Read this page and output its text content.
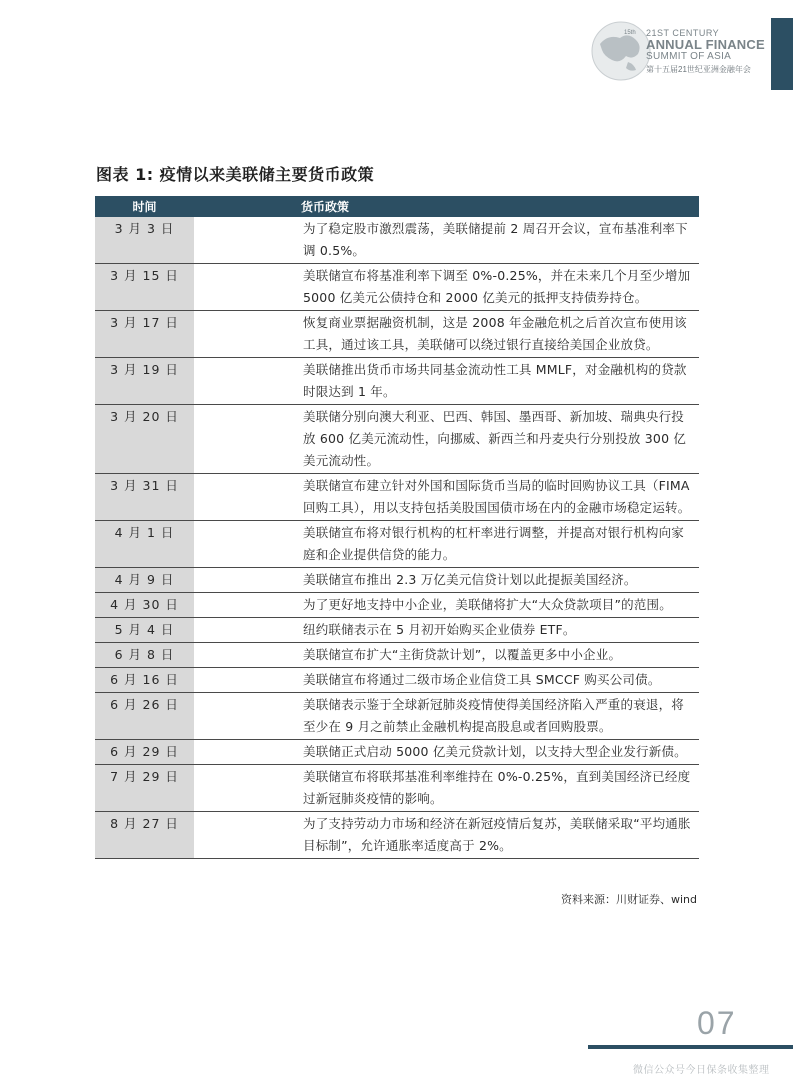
15th 21ST CENTURY
ANNUAL FINANCE
SUMMIT OF ASIA
第十五届21世纪亚洲金融年会
图表 1: 疫情以来美联储主要货币政策
时间	货币政策
3 月 3 日	为了稳定股市激烈震荡，美联储提前 2 周召开会议，宣布基准利率下调 0.5%。
3 月 15 日	美联储宣布将基准利率下调至 0%-0.25%，并在未来几个月至少增加 5000 亿美元公债持仓和 2000 亿美元的抵押支持债券持仓。
3 月 17 日	恢复商业票据融资机制，这是 2008 年金融危机之后首次宣布使用该工具，通过该工具，美联储可以绕过银行直接给美国企业放贷。
3 月 19 日	美联储推出货币市场共同基金流动性工具 MMLF，对金融机构的贷款时限达到 1 年。
3 月 20 日	美联储分别向澳大利亚、巴西、韩国、墨西哥、新加坡、瑞典央行投放 600 亿美元流动性，向挪威、新西兰和丹麦央行分别投放 300 亿美元流动性。
3 月 31 日	美联储宣布建立针对外国和国际货币当局的临时回购协议工具（FIMA 回购工具），用以支持包括美股国国债市场在内的金融市场稳定运转。
4 月 1 日	美联储宣布将对银行机构的杠杆率进行调整，并提高对银行机构向家庭和企业提供信贷的能力。
4 月 9 日	美联储宣布推出 2.3 万亿美元信贷计划以此提振美国经济。
4 月 30 日	为了更好地支持中小企业，美联储将扩大“大众贷款项目”的范围。
5 月 4 日	纽约联储表示在 5 月初开始购买企业债券 ETF。
6 月 8 日	美联储宣布扩大“主街贷款计划”，以覆盖更多中小企业。
6 月 16 日	美联储宣布将通过二级市场企业信贷工具 SMCCF 购买公司债。
6 月 26 日	美联储表示鉴于全球新冠肺炎疫情使得美国经济陷入严重的衰退，将至少在 9 月之前禁止金融机构提高股息或者回购股票。
6 月 29 日	美联储正式启动 5000 亿美元贷款计划，以支持大型企业发行新债。
7 月 29 日	美联储宣布将联邦基准利率维持在 0%-0.25%，直到美国经济已经度过新冠肺炎疫情的影响。
8 月 27 日	为了支持劳动力市场和经济在新冠疫情后复苏，美联储采取“平均通胀目标制”，允许通胀率适度高于 2%。
资料来源：川财证券、wind
07
微信公众号今日保条收集整理
